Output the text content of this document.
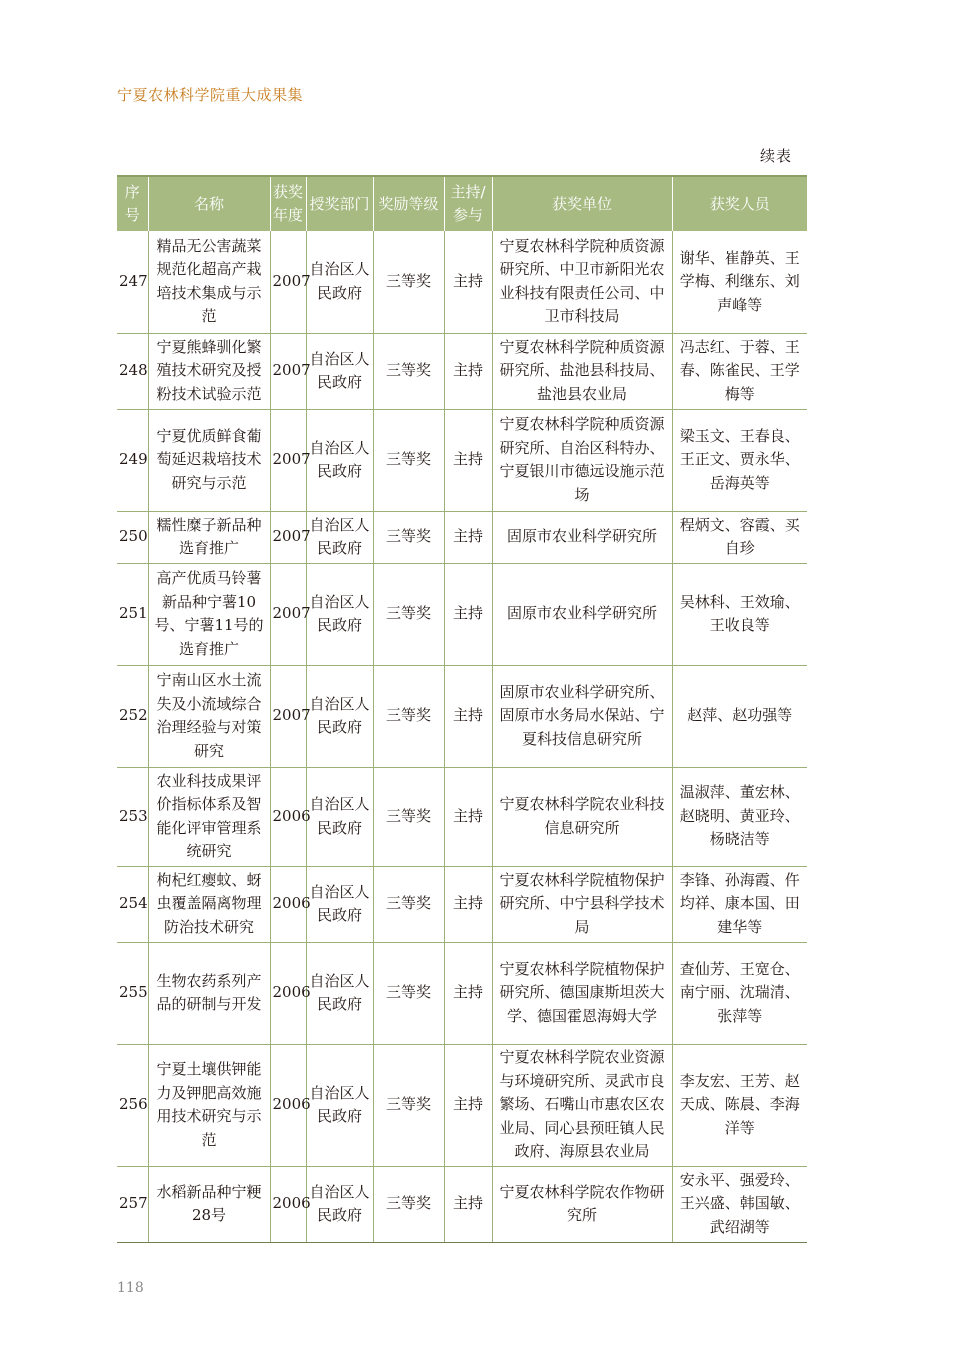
宁夏农林科学院重大成果集
续表
序号	名称	获奖年度	授奖部门	奖励等级	主持/参与	获奖单位	获奖人员
247	精品无公害蔬菜规范化超高产栽培技术集成与示范	2007	自治区人民政府	三等奖	主持	宁夏农林科学院种质资源研究所、中卫市新阳光农业科技有限责任公司、中卫市科技局	谢华、崔静英、王学梅、利继东、刘声峰等
248	宁夏熊蜂驯化繁殖技术研究及授粉技术试验示范	2007	自治区人民政府	三等奖	主持	宁夏农林科学院种质资源研究所、盐池县科技局、盐池县农业局	冯志红、于蓉、王春、陈雀民、王学梅等
249	宁夏优质鲜食葡萄延迟栽培技术研究与示范	2007	自治区人民政府	三等奖	主持	宁夏农林科学院种质资源研究所、自治区科特办、宁夏银川市德远设施示范场	梁玉文、王春良、王正文、贾永华、岳海英等
250	糯性糜子新品种选育推广	2007	自治区人民政府	三等奖	主持	固原市农业科学研究所	程炳文、容霞、买自珍
251	高产优质马铃薯新品种宁薯10号、宁薯11号的选育推广	2007	自治区人民政府	三等奖	主持	固原市农业科学研究所	吴林科、王效瑜、王收良等
252	宁南山区水土流失及小流域综合治理经验与对策研究	2007	自治区人民政府	三等奖	主持	固原市农业科学研究所、固原市水务局水保站、宁夏科技信息研究所	赵萍、赵功强等
253	农业科技成果评价指标体系及智能化评审管理系统研究	2006	自治区人民政府	三等奖	主持	宁夏农林科学院农业科技信息研究所	温淑萍、董宏林、赵晓明、黄亚玲、杨晓洁等
254	枸杞红瘿蚊、蚜虫覆盖隔离物理防治技术研究	2006	自治区人民政府	三等奖	主持	宁夏农林科学院植物保护研究所、中宁县科学技术局	李锋、孙海霞、仵均祥、康本国、田建华等
255	生物农药系列产品的研制与开发	2006	自治区人民政府	三等奖	主持	宁夏农林科学院植物保护研究所、德国康斯坦茨大学、德国霍恩海姆大学	查仙芳、王宽仓、南宁丽、沈瑞清、张萍等
256	宁夏土壤供钾能力及钾肥高效施用技术研究与示范	2006	自治区人民政府	三等奖	主持	宁夏农林科学院农业资源与环境研究所、灵武市良繁场、石嘴山市惠农区农业局、同心县预旺镇人民政府、海原县农业局	李友宏、王芳、赵天成、陈晨、李海洋等
257	水稻新品种宁粳28号	2006	自治区人民政府	三等奖	主持	宁夏农林科学院农作物研究所	安永平、强爱玲、王兴盛、韩国敏、武绍湖等
118
